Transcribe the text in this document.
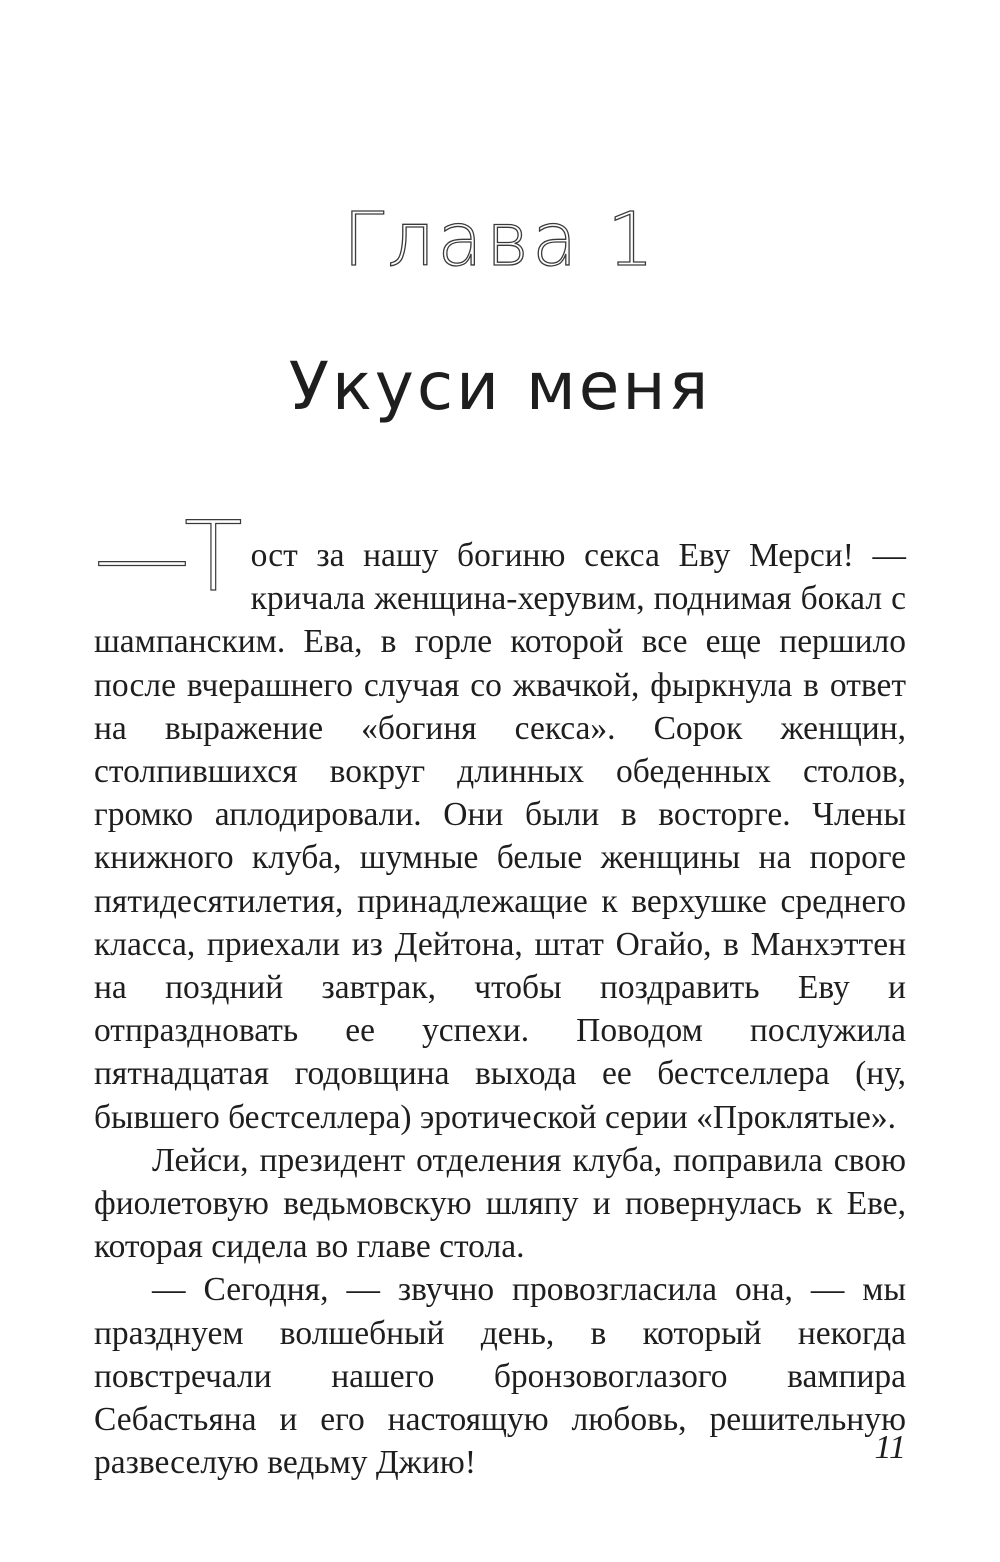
Глава 1
Укуси меня

—Т ост за нашу богиню секса Еву Мерси! — кричала женщина-херувим, поднимая бокал с шампанским. Ева, в горле которой все еще першило после вчерашнего случая со жвачкой, фыркнула в ответ на выражение «богиня секса». Сорок женщин, столпившихся вокруг длинных обеденных столов, громко аплодировали. Они были в восторге. Члены книжного клуба, шумные белые женщины на пороге пятидесятилетия, принадлежащие к верхушке среднего класса, приехали из Дейтона, штат Огайо, в Манхэттен на поздний завтрак, чтобы поздравить Еву и отпраздновать ее успехи. Поводом послужила пятнадцатая годовщина выхода ее бестселлера (ну, бывшего бестселлера) эротической серии «Проклятые».

Лейси, президент отделения клуба, поправила свою фиолетовую ведьмовскую шляпу и повернулась к Еве, которая сидела во главе стола.

— Сегодня, — звучно провозгласила она, — мы празднуем волшебный день, в который некогда повстречали нашего бронзовоглазого вампира Себастьяна и его настоящую любовь, решительную развеселую ведьму Джию!	11
